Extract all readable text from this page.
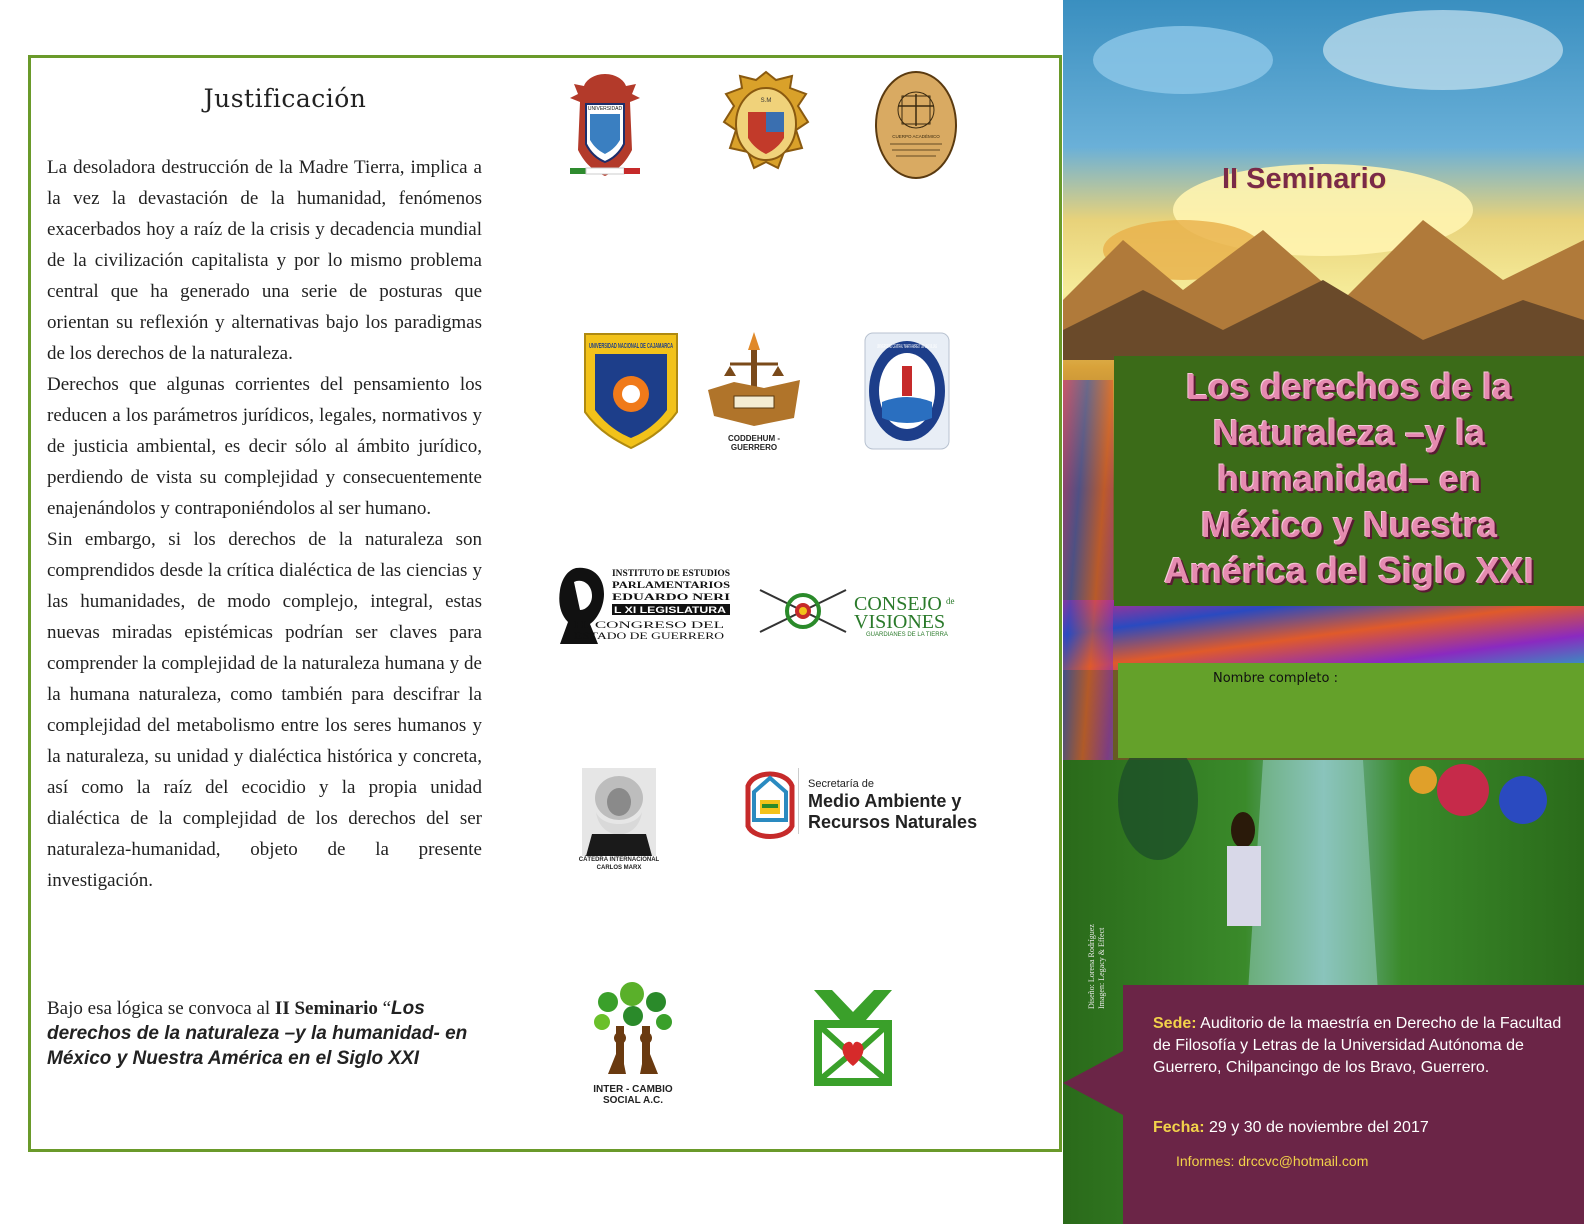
Justificación

La desoladora destrucción de la Madre Tierra, implica a la vez la devastación de la humanidad, fenómenos exacerbados hoy a raíz de la crisis y decadencia mundial de la civilización capitalista y por lo mismo problema central que ha generado una serie de posturas que orientan su reflexión y alternativas bajo los paradigmas de los derechos de la naturaleza.

Derechos que algunas corrientes del pensamiento los reducen a los parámetros jurídicos, legales, normativos y de justicia ambiental, es decir sólo al ámbito jurídico, perdiendo de vista su complejidad y consecuentemente enajenándolos y contraponiéndolos al ser humano.

Sin embargo, si los derechos de la naturaleza son comprendidos desde la crítica dialéctica de las ciencias y las humanidades, de modo complejo, integral, estas nuevas miradas epistémicas podrían ser claves para comprender la complejidad de la naturaleza humana y de la humana naturaleza, como también para descifrar la complejidad del metabolismo entre los seres humanos y la naturaleza, su unidad y dialéctica histórica y concreta, así como la raíz del ecocidio y la propia unidad dialéctica de la complejidad de los derechos del ser naturaleza-humanidad, objeto de la presente investigación.

Bajo esa lógica se convoca al II Seminario “Los derechos de la naturaleza –y la humanidad- en México y Nuestra América en el Siglo XXI
UNIVERSIDAD
S.M
CUERPO ACADÉMICO
UNIVERSIDAD NACIONAL DE CAJAMARCA
CODDEHUM - GUERRERO
UNIVERSIDAD CENTRAL "MARTA ABREU" DE LAS VILLAS
INSTITUTO DE ESTUDIOS
PARLAMENTARIOS
EDUARDO NERI
L XI LEGISLATURA
H. CONGRESO DEL
ESTADO DE GUERRERO
CONSEJO de
VISIONES
GUARDIANES DE LA TIERRA
CÁTEDRA INTERNACIONAL
CARLOS MARX
Secretaría de
Medio Ambiente y
Recursos Naturales
INTER - CAMBIO
SOCIAL A.C.
II Seminario
Los derechos de la
Naturaleza –y la
humanidad– en
México y Nuestra
América del Siglo XXI
Nombre completo :
Diseño: Lorena Rodríguez Imagen: Legacy & Effect
Sede: Auditorio de la maestría en Derecho de la Facultad de Filosofía y Letras de la Universidad Autónoma de Guerrero, Chilpancingo de los Bravo, Guerrero.
Fecha: 29 y 30 de noviembre del 2017
Informes: drccvc@hotmail.com
